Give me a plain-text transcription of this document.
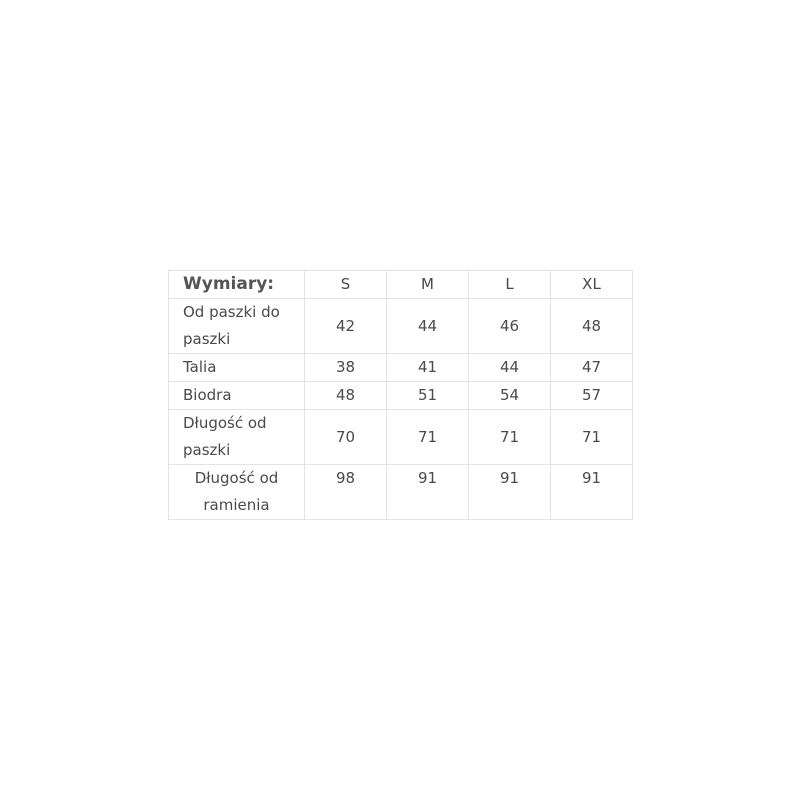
Wymiary:	S	M	L	XL
Od paszki do paszki	42	44	46	48
Talia	38	41	44	47
Biodra	48	51	54	57
Długość od paszki	70	71	71	71
Długość od ramienia	98	91	91	91
